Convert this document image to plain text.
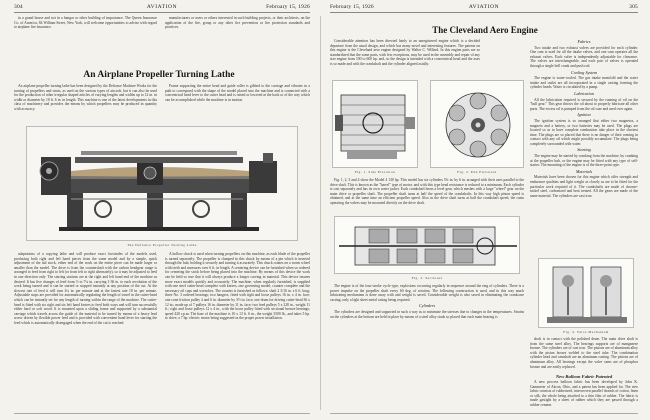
304	AVIATION	February 15, 1926	February 15, 1926	AVIATION	305

in a grand house and not in a hangar or other building of importance. The Queen Insurance Co. of America, 84 William Street, New York, will welcome opportunities to advise with regard to airplane fire insurance.

manufacturers or users or others interested in such building projects, or their architects, on the application of the fire, group or any other fire prevention or fire protection standards and practices.

An Airplane Propeller Turning Lathe

An airplane propeller turning lathe has been designed by the Defiance Machine Works for the turning of propellers and struts, as used on the various types of aircraft, but it can also be used for the production of other irregular shaped articles of varying lengths and widths up to 12 in. in width or diameter by 10 ft. 6 in. in length. This machine is one of the latest developments in this class of machinery and provides the means by which propellers may be produced in quantity with accuracy.

Frame supporting the entire head and guide roller is gibbed to the carriage and vibrates in a path to correspond with the shape of the model placed into the machine and is connected with a concentrical head lever to the cutter head and is raised or lowered at the back or of the way which can be accomplished while the machine is in motion.

The Defiance Propeller Turning Lathe

adaptations of a copying lathe and will produce exact facsimiles of the models used, producing both right and left hand pieces from the same model and by a simple, quick adjustment of the tail stock, either end of the work on the entire piece can be made larger or smaller than the model. The drive is from the countershaft with the carbon headgear range is arranged to feed from right to left (or from left to right alternately), so it may be adjusted to feed in one direction only. The starting stations are at the right and left hand end of the machine as desired. It has five changes of feed from ½ to 7¼ in. carrying 1-36 in. to each revolution of the work being turned and it can be started or stopped instantly at any position of the cut. At the slowest rate of feed it will turn 2¼ in. per minute and at the fastest rate 18 in. per minute. Adjustable stops are provided for automatically regulating the length of travel in the cutter-head which can be instantly set for any length of turning within the range of the machine. The cutter-head is fitted with six right and six left hand knives to feed both ways and will turn successfully either hard or soft wood. It is mounted upon a sliding frame and supported by a substantial carriage which travels across the guide of the material to be turned by means of a heavy lead screw driven by flexible power feed and is provided with convenient hand lever for starting the feed which is automatically disengaged when the end of the cut is reached.

A hollow chuck is used when turning propellers on this machine, as each blade of the propeller is turned separately. The propeller is clamped in this chuck by means of a pin which is inserted through the hub, holding it securely and turning it accurately. This chuck rotates on a worm wheel with teeth and measures over 6 ft. in length. A centering device can be furnished when so ordered for centering the stock before being placed into the machine. By means of this device the work can be held so true that it will always produce a longer carving in material. This device insures more exact models quickly and accurately. The machine, when regularly furnished, is supplied with one steel cutter-head complete with knives, one governing model, counter complete and the necessary oil cups and wrenches. The counter is furnished as follows: shaft 2 3/16 in. x 6 ft. long; three No. 3 ordered bearings; two hangers, fitted with tight and loose pulleys 16 in. x 4 in. face; one cone friction pulley 4 and 6 in. diameter by 3½ in. face; one drum for driving cutter-head 36 x 12 in.; made up of 7 pulleys 16 in. diameter by 11 in. face; two feed pulleys 5 x 228 in., weight 11 ft.; right and loose pulleys 12 x 4 in., with the loose pulley fitted with sectional bronze bearings; speed 420 r.p.m. The base of the machine is 10 x 13 ft. 6 in., the weight 3500 lb., and takes 5 hp. to drive; a 7 hp. electric motor being suggested as the proper power installation.

The Cleveland Aero Engine

Considerable attention has been directed lately to an unregistered engine which is a decided departure from the usual design, and which has many novel and interesting features. The patents on this engine is the Cleveland aero engine designed by Walter C. Willard. In this engine parts are so standardized that the same parts, with few exceptions, may be used in the assembly and repair of any size engine from 100 to 600 hp. and, so the design is intended with a concentrical head and the axes is so made and with the crankshaft and the cylinder aligned axially.

Fabrics

Two intake and two exhaust valves are provided for each cylinder. One cam is used for all the intake valves, and one cam operates all the exhaust valves. Each valve is independently adjustable for clearance. The valves are interchangeable, and each pair of valves is operated through a single bell crank and push rod.

Cooling System

The engine is water-cooled. The gas intake manifold and the water intake and outlet are all incorporated in a single casting forming the cylinder heads. Water is circulated by a pump.

Lubrication

All the lubrication required is secured by the running of oil on the "bull gear." This gear throws the oil about to properly lubricate all other parts. The excess oil is pumped from the oil case and used over again.

Ignition

The ignition system is so arranged that either two magnetos, a magneto and a battery, or two batteries may be used. The plugs are located so as to have complete combustion take place in the shortest time. The plugs are so placed that there is no danger of their coming in contact with any oil which might possibly accumulate. The plugs being completely surrounded with water.

Starting

The engine may be started by cranking from the machine, by cranking at the propeller hub, or the engine may be fitted with any type of self-starter. The mounting of the engine is of the three-point type.

Materials

Materials have been chosen for this engine which offer strength and endurance qualities and light weight as closely as are to be fitted for the particular work required of it. The crankshafts are made of chrome-nickel steel, carbonized and heat treated. All the gears are made of the same material. The cylinders are cast iron.

Fig. 1. Side Elevation	Fig. 2. End Elevation

Fig. 1, 2, 3 and 4 show the Model 4 130 hp. This model has six cylinders 5¾ in. by 6 in. arranged with their axes parallel to the drive shaft. This is known as the "barrel" type of motor, and with this type head resistance is reduced to a minimum. Each cylinder is cast separately and has its own water jacket. Each crankshaft bears a level gear, which meshes with a large "wheel" gear on the main drive or propeller shaft. The propeller shaft turns at half the speed of the crankshafts. In this way high piston speed is obtained, and at the same time an efficient propeller speed. Also as the drive shaft turns at half the crankshaft speed, the cams operating the valves may be mounted directly on the drive shaft.

Fig. 3. Sectional
Fig. 4. Valve Mechanism

The engine is of the four-stroke cycle type, explosions occurring regularly in sequence around the ring of cylinders. There is a power impulse on the propeller shaft every 60 deg. of rotation. The following construction is used, and in this way much lubricating mechanism is done away with and weight is saved. Considerable weight is also saved in eliminating the crankcase casting; only a light sheet metal casing being required.

Cylinders

The cylinders are designed and supported in such a way as to minimize the stresses due to changes in the temperatures. Strains on the cylinders at the bottom are held in place by means of a steel alloy studs so placed that each main bearing is

shaft is in contact with the polished drum. The main drive shaft is from the same steel alloy. The bearings supports are of manganese bronze. The cylinders are of cast iron. The pistons are of aluminum alloy with the piston bosses welded to the steel tube. The combination cylinder head and camshaft are an aluminum casting. The pistons are of aluminum alloy. All bearings except the valve cams are of phosphor bronze and are easily replaced.

New Balloon Fabric Patented

A new process balloon fabric has been developed by John K. Gammeter of Akron, Ohio, and a patent has been applied for. The new fabric consists of rubberized, interwoven parallel threads of cotton, linen or silk, the whole being attached to a thin film of rubber. The fabric is made gastight by a sheet of rubber which they are passed through a rubber cement.
